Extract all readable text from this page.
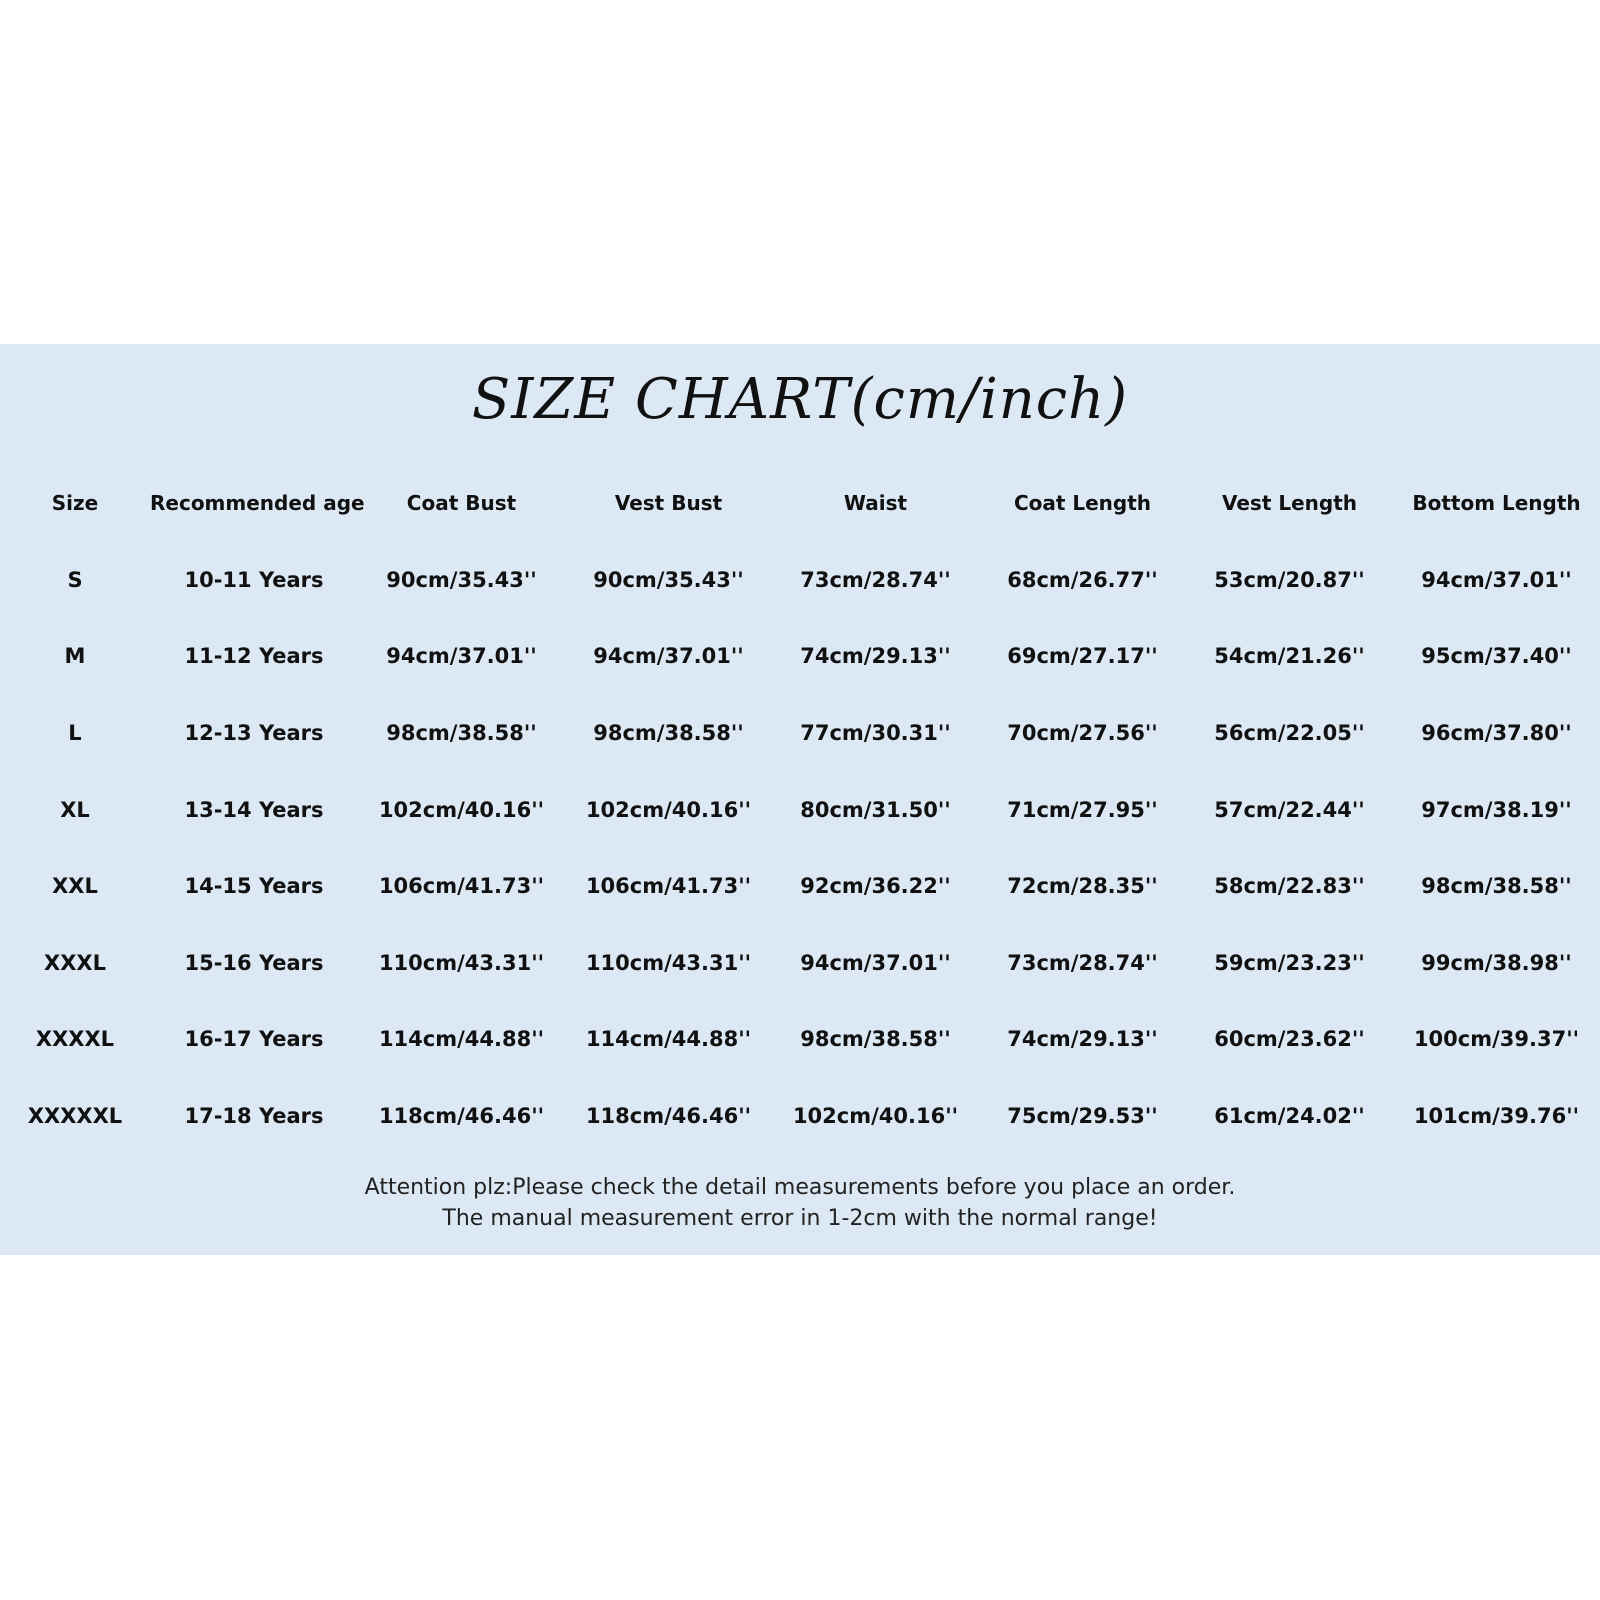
SIZE CHART(cm/inch)
Size	Recommended age	Coat Bust	Vest Bust	Waist	Coat Length	Vest Length	Bottom Length
S	10-11 Years	90cm/35.43''	90cm/35.43''	73cm/28.74''	68cm/26.77''	53cm/20.87''	94cm/37.01''
M	11-12 Years	94cm/37.01''	94cm/37.01''	74cm/29.13''	69cm/27.17''	54cm/21.26''	95cm/37.40''
L	12-13 Years	98cm/38.58''	98cm/38.58''	77cm/30.31''	70cm/27.56''	56cm/22.05''	96cm/37.80''
XL	13-14 Years	102cm/40.16''	102cm/40.16''	80cm/31.50''	71cm/27.95''	57cm/22.44''	97cm/38.19''
XXL	14-15 Years	106cm/41.73''	106cm/41.73''	92cm/36.22''	72cm/28.35''	58cm/22.83''	98cm/38.58''
XXXL	15-16 Years	110cm/43.31''	110cm/43.31''	94cm/37.01''	73cm/28.74''	59cm/23.23''	99cm/38.98''
XXXXL	16-17 Years	114cm/44.88''	114cm/44.88''	98cm/38.58''	74cm/29.13''	60cm/23.62''	100cm/39.37''
XXXXXL	17-18 Years	118cm/46.46''	118cm/46.46''	102cm/40.16''	75cm/29.53''	61cm/24.02''	101cm/39.76''
Attention plz:Please check the detail measurements before you place an order.
The manual measurement error in 1-2cm with the normal range!
